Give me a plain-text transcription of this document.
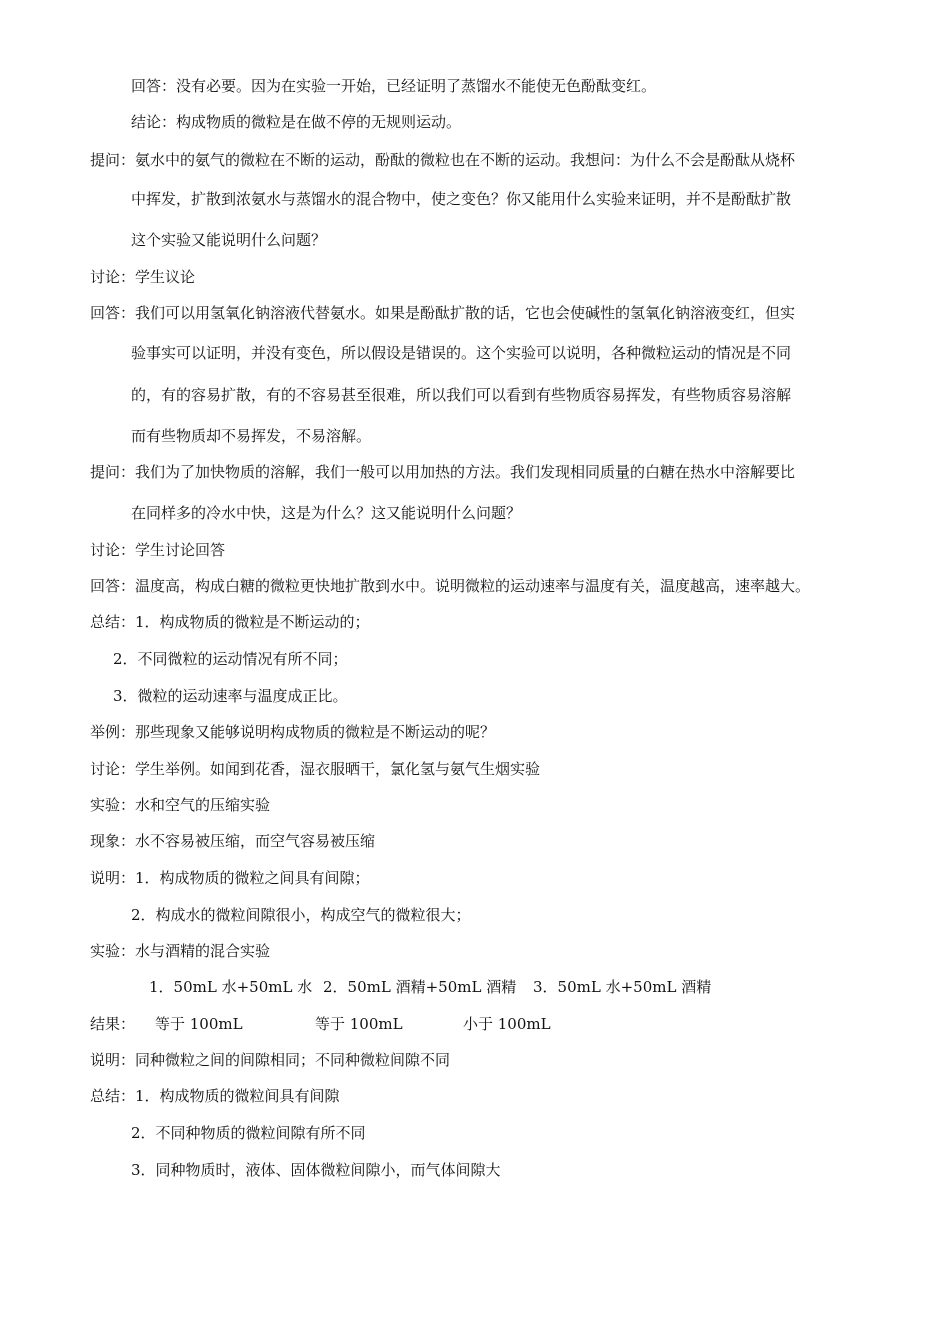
回答：没有必要。因为在实验一开始，已经证明了蒸馏水不能使无色酚酞变红。
结论：构成物质的微粒是在做不停的无规则运动。
提问：氨水中的氨气的微粒在不断的运动，酚酞的微粒也在不断的运动。我想问：为什么不会是酚酞从烧杯
中挥发，扩散到浓氨水与蒸馏水的混合物中，使之变色？你又能用什么实验来证明，并不是酚酞扩散
这个实验又能说明什么问题？
讨论：学生议论
回答：我们可以用氢氧化钠溶液代替氨水。如果是酚酞扩散的话，它也会使碱性的氢氧化钠溶液变红，但实
验事实可以证明，并没有变色，所以假设是错误的。这个实验可以说明，各种微粒运动的情况是不同
的，有的容易扩散，有的不容易甚至很难，所以我们可以看到有些物质容易挥发，有些物质容易溶解
而有些物质却不易挥发，不易溶解。
提问：我们为了加快物质的溶解，我们一般可以用加热的方法。我们发现相同质量的白糖在热水中溶解要比
在同样多的冷水中快，这是为什么？这又能说明什么问题？
讨论：学生讨论回答
回答：温度高，构成白糖的微粒更快地扩散到水中。说明微粒的运动速率与温度有关，温度越高，速率越大。
总结：1．构成物质的微粒是不断运动的；
2．不同微粒的运动情况有所不同；
3．微粒的运动速率与温度成正比。
举例：那些现象又能够说明构成物质的微粒是不断运动的呢？
讨论：学生举例。如闻到花香，湿衣服晒干，氯化氢与氨气生烟实验
实验：水和空气的压缩实验
现象：水不容易被压缩，而空气容易被压缩
说明：1．构成物质的微粒之间具有间隙；
2．构成水的微粒间隙很小，构成空气的微粒很大；
实验：水与酒精的混合实验
1．50mL 水+50mL 水 2．50mL 酒精+50mL 酒精 3．50mL 水+50mL 酒精
结果： 等于 100mL	等于 100mL	小于 100mL
说明：同种微粒之间的间隙相同；不同种微粒间隙不同
总结：1．构成物质的微粒间具有间隙
2．不同种物质的微粒间隙有所不同
3．同种物质时，液体、固体微粒间隙小，而气体间隙大
